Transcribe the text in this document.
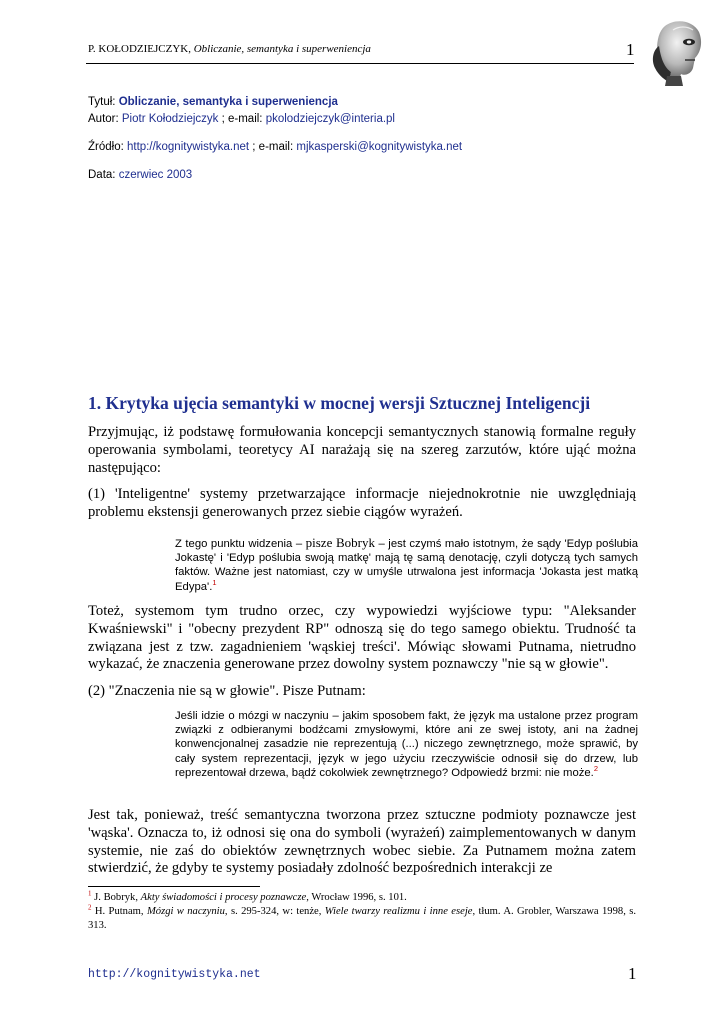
P. KOŁODZIEJCZYK, Obliczanie, semantyka i superweniencja	1
Tytuł: Obliczanie, semantyka i superweniencja
Autor: Piotr Kołodziejczyk ; e-mail: pkolodziejczyk@interia.pl
Źródło: http://kognitywistyka.net ; e-mail: mjkasperski@kognitywistyka.net
Data: czerwiec 2003
1. Krytyka ujęcia semantyki w mocnej wersji Sztucznej Inteligencji

Przyjmując, iż podstawę formułowania koncepcji semantycznych stanowią formalne reguły operowania symbolami, teoretycy AI narażają się na szereg zarzutów, które ująć można następująco:

(1) 'Inteligentne' systemy przetwarzające informacje niejednokrotnie nie uwzględniają problemu ekstensji generowanych przez siebie ciągów wyrażeń.

Z tego punktu widzenia – pisze Bobryk – jest czymś mało istotnym, że sądy 'Edyp poślubia Jokastę' i 'Edyp poślubia swoją matkę' mają tę samą denotację, czyli dotyczą tych samych faktów. Ważne jest natomiast, czy w umyśle utrwalona jest informacja 'Jokasta jest matką Edypa'.$^1$

Toteż, systemom tym trudno orzec, czy wypowiedzi wyjściowe typu: "Aleksander Kwaśniewski" i "obecny prezydent RP" odnoszą się do tego samego obiektu. Trudność ta związana jest z tzw. zagadnieniem 'wąskiej treści'. Mówiąc słowami Putnama, nietrudno wykazać, że znaczenia generowane przez dowolny system poznawczy "nie są w głowie".

(2) "Znaczenia nie są w głowie". Pisze Putnam:

Jeśli idzie o mózgi w naczyniu – jakim sposobem fakt, że język ma ustalone przez program związki z odbieranymi bodźcami zmysłowymi, które ani ze swej istoty, ani na żadnej konwencjonalnej zasadzie nie reprezentują (...) niczego zewnętrznego, może sprawić, by cały system reprezentacji, język w jego użyciu rzeczywiście odnosił się do drzew, lub reprezentował drzewa, bądź cokolwiek zewnętrznego? Odpowiedź brzmi: nie może.$^2$

Jest tak, ponieważ, treść semantyczna tworzona przez sztuczne podmioty poznawcze jest 'wąska'. Oznacza to, iż odnosi się ona do symboli (wyrażeń) zaimplementowanych w danym systemie, nie zaś do obiektów zewnętrznych wobec siebie. Za Putnamem można zatem stwierdzić, że gdyby te systemy posiadały zdolność bezpośrednich interakcji ze

$^1$ J. Bobryk, Akty świadomości i procesy poznawcze, Wrocław 1996, s. 101.

$^2$ H. Putnam, Mózgi w naczyniu, s. 295-324, w: tenże, Wiele twarzy realizmu i inne eseje, tłum. A. Grobler, Warszawa 1998, s. 313.

http://kognitywistyka.net	1
